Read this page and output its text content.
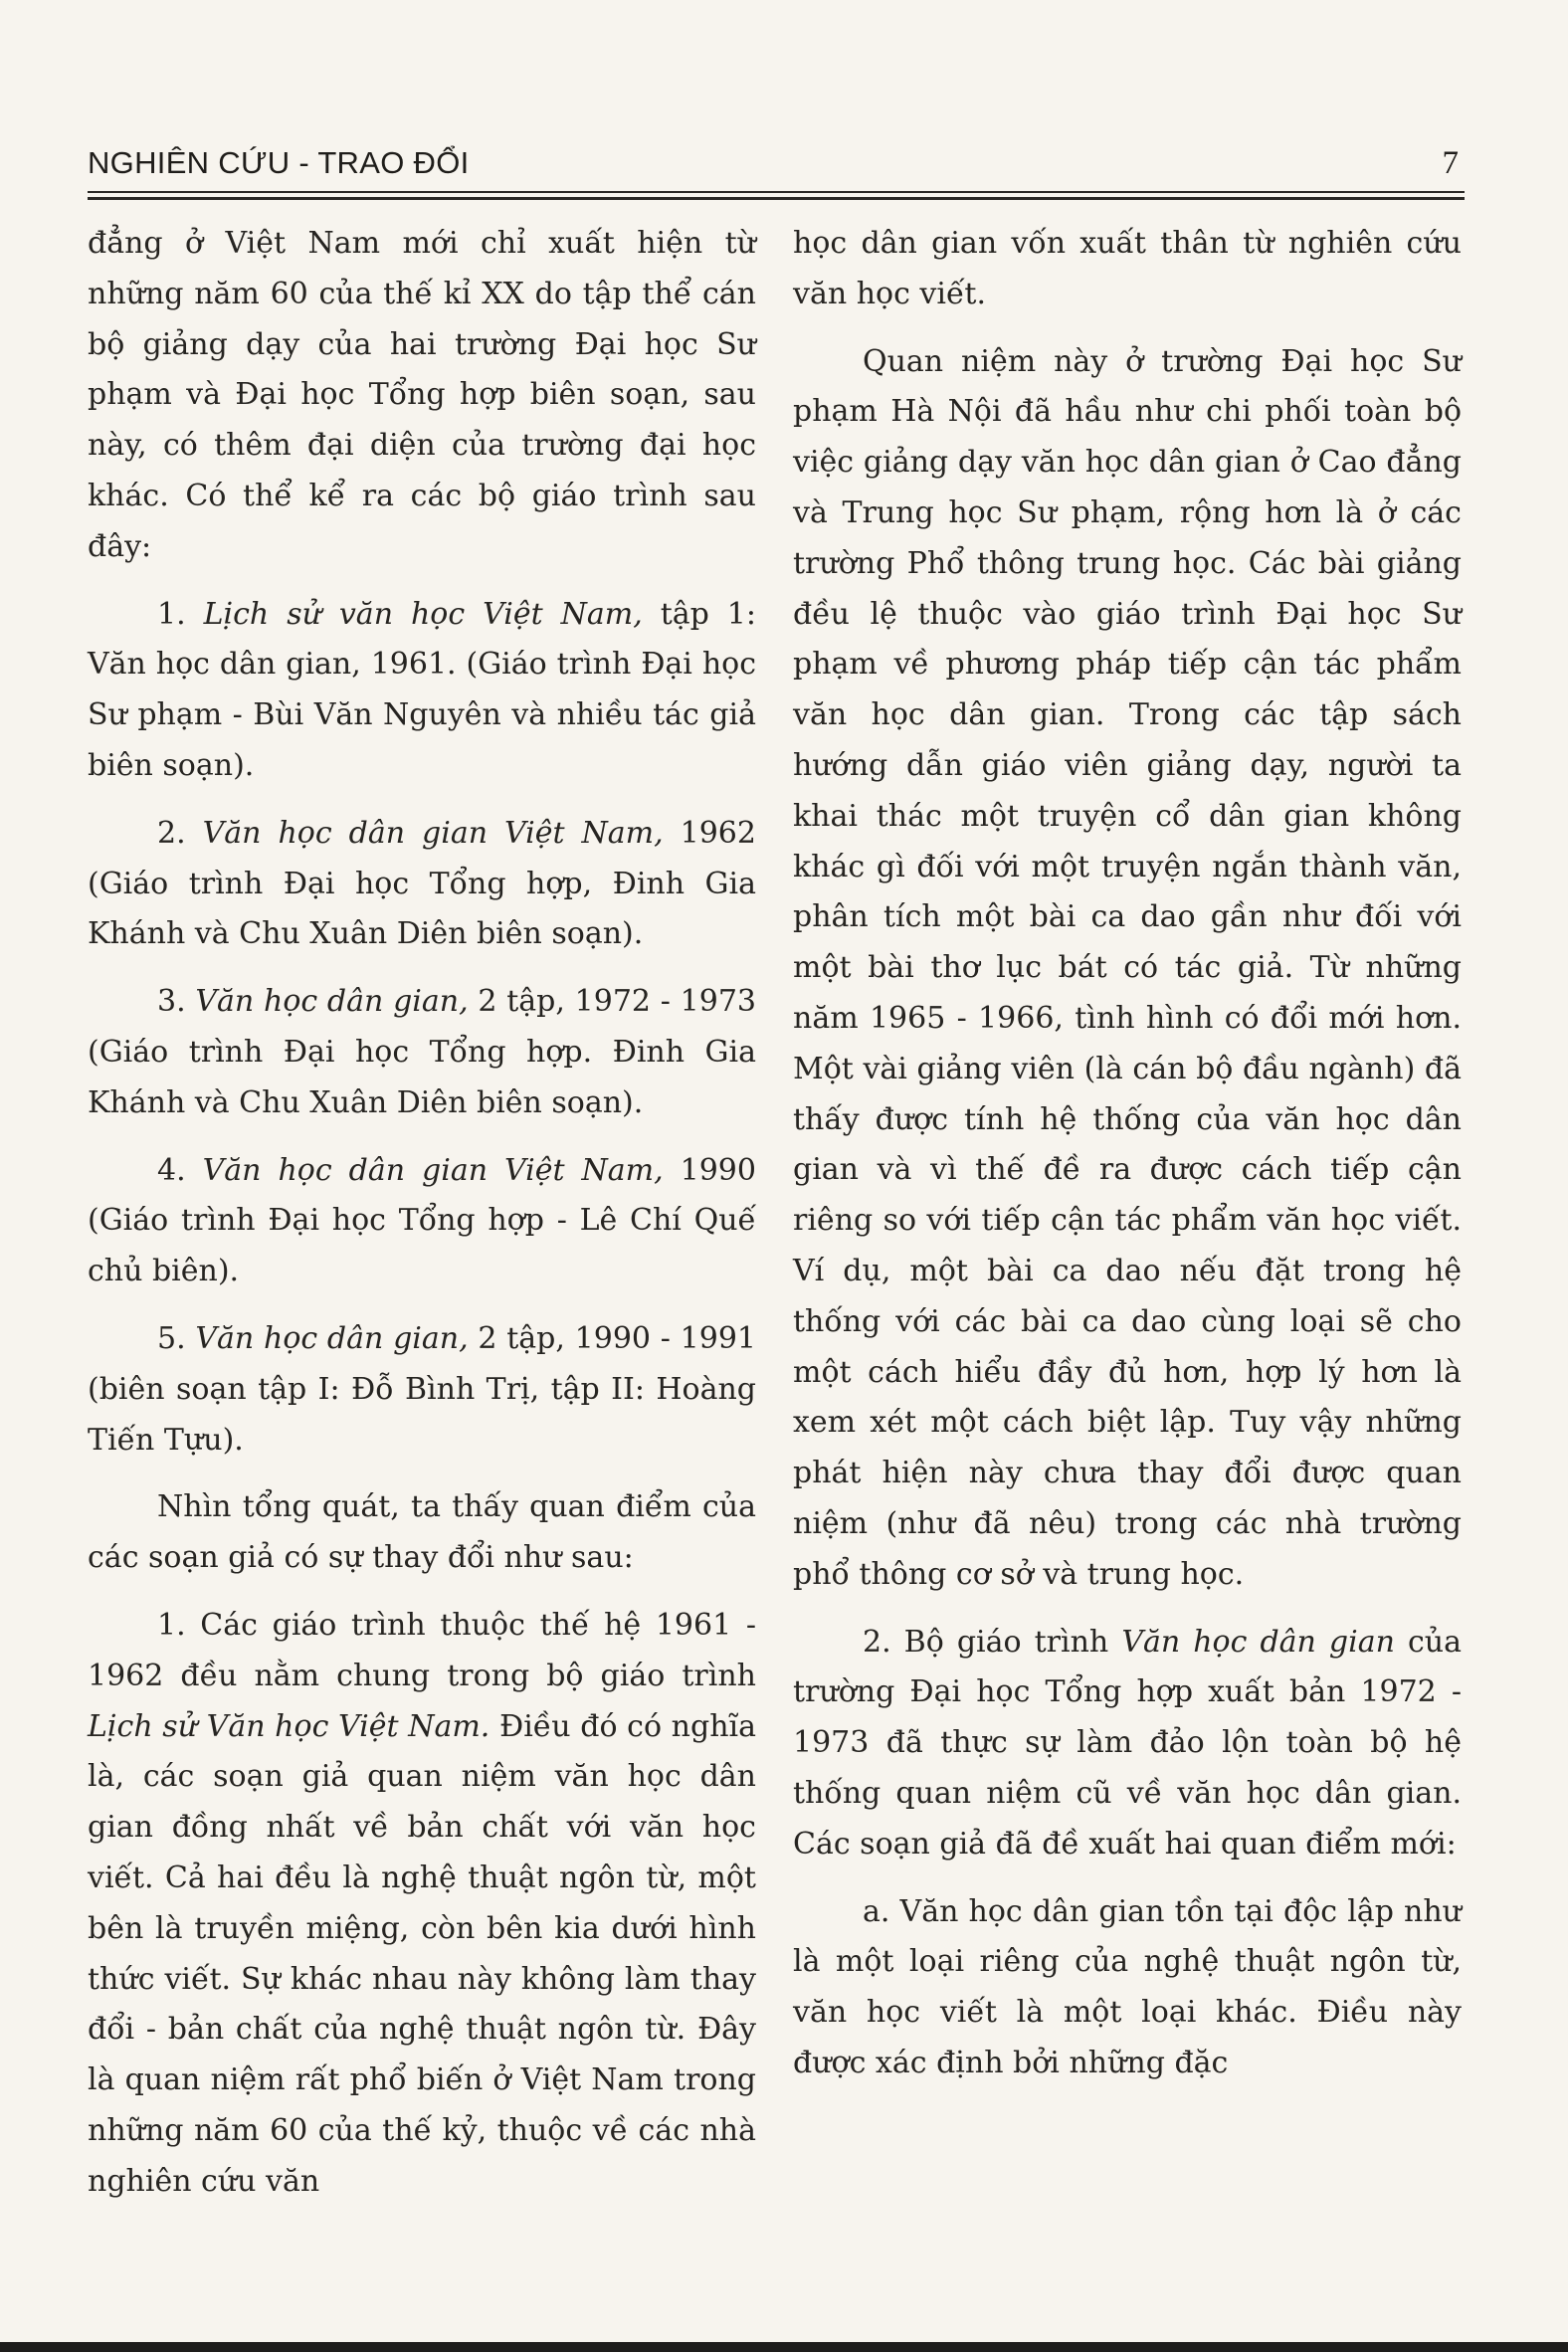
NGHIÊN CỨU - TRAO ĐỔI	7

đẳng ở Việt Nam mới chỉ xuất hiện từ những năm 60 của thế kỉ XX do tập thể cán bộ giảng dạy của hai trường Đại học Sư phạm và Đại học Tổng hợp biên soạn, sau này, có thêm đại diện của trường đại học khác. Có thể kể ra các bộ giáo trình sau đây:

1. Lịch sử văn học Việt Nam, tập 1: Văn học dân gian, 1961. (Giáo trình Đại học Sư phạm - Bùi Văn Nguyên và nhiều tác giả biên soạn).

2. Văn học dân gian Việt Nam, 1962 (Giáo trình Đại học Tổng hợp, Đinh Gia Khánh và Chu Xuân Diên biên soạn).

3. Văn học dân gian, 2 tập, 1972 - 1973 (Giáo trình Đại học Tổng hợp. Đinh Gia Khánh và Chu Xuân Diên biên soạn).

4. Văn học dân gian Việt Nam, 1990 (Giáo trình Đại học Tổng hợp - Lê Chí Quế chủ biên).

5. Văn học dân gian, 2 tập, 1990 - 1991 (biên soạn tập I: Đỗ Bình Trị, tập II: Hoàng Tiến Tựu).

Nhìn tổng quát, ta thấy quan điểm của các soạn giả có sự thay đổi như sau:

1. Các giáo trình thuộc thế hệ 1961 - 1962 đều nằm chung trong bộ giáo trình Lịch sử Văn học Việt Nam. Điều đó có nghĩa là, các soạn giả quan niệm văn học dân gian đồng nhất về bản chất với văn học viết. Cả hai đều là nghệ thuật ngôn từ, một bên là truyền miệng, còn bên kia dưới hình thức viết. Sự khác nhau này không làm thay đổi - bản chất của nghệ thuật ngôn từ. Đây là quan niệm rất phổ biến ở Việt Nam trong những năm 60 của thế kỷ, thuộc về các nhà nghiên cứu văn

học dân gian vốn xuất thân từ nghiên cứu văn học viết.

Quan niệm này ở trường Đại học Sư phạm Hà Nội đã hầu như chi phối toàn bộ việc giảng dạy văn học dân gian ở Cao đẳng và Trung học Sư phạm, rộng hơn là ở các trường Phổ thông trung học. Các bài giảng đều lệ thuộc vào giáo trình Đại học Sư phạm về phương pháp tiếp cận tác phẩm văn học dân gian. Trong các tập sách hướng dẫn giáo viên giảng dạy, người ta khai thác một truyện cổ dân gian không khác gì đối với một truyện ngắn thành văn, phân tích một bài ca dao gần như đối với một bài thơ lục bát có tác giả. Từ những năm 1965 - 1966, tình hình có đổi mới hơn. Một vài giảng viên (là cán bộ đầu ngành) đã thấy được tính hệ thống của văn học dân gian và vì thế đề ra được cách tiếp cận riêng so với tiếp cận tác phẩm văn học viết. Ví dụ, một bài ca dao nếu đặt trong hệ thống với các bài ca dao cùng loại sẽ cho một cách hiểu đầy đủ hơn, hợp lý hơn là xem xét một cách biệt lập. Tuy vậy những phát hiện này chưa thay đổi được quan niệm (như đã nêu) trong các nhà trường phổ thông cơ sở và trung học.

2. Bộ giáo trình Văn học dân gian của trường Đại học Tổng hợp xuất bản 1972 - 1973 đã thực sự làm đảo lộn toàn bộ hệ thống quan niệm cũ về văn học dân gian. Các soạn giả đã đề xuất hai quan điểm mới:

a. Văn học dân gian tồn tại độc lập như là một loại riêng của nghệ thuật ngôn từ, văn học viết là một loại khác. Điều này được xác định bởi những đặc
